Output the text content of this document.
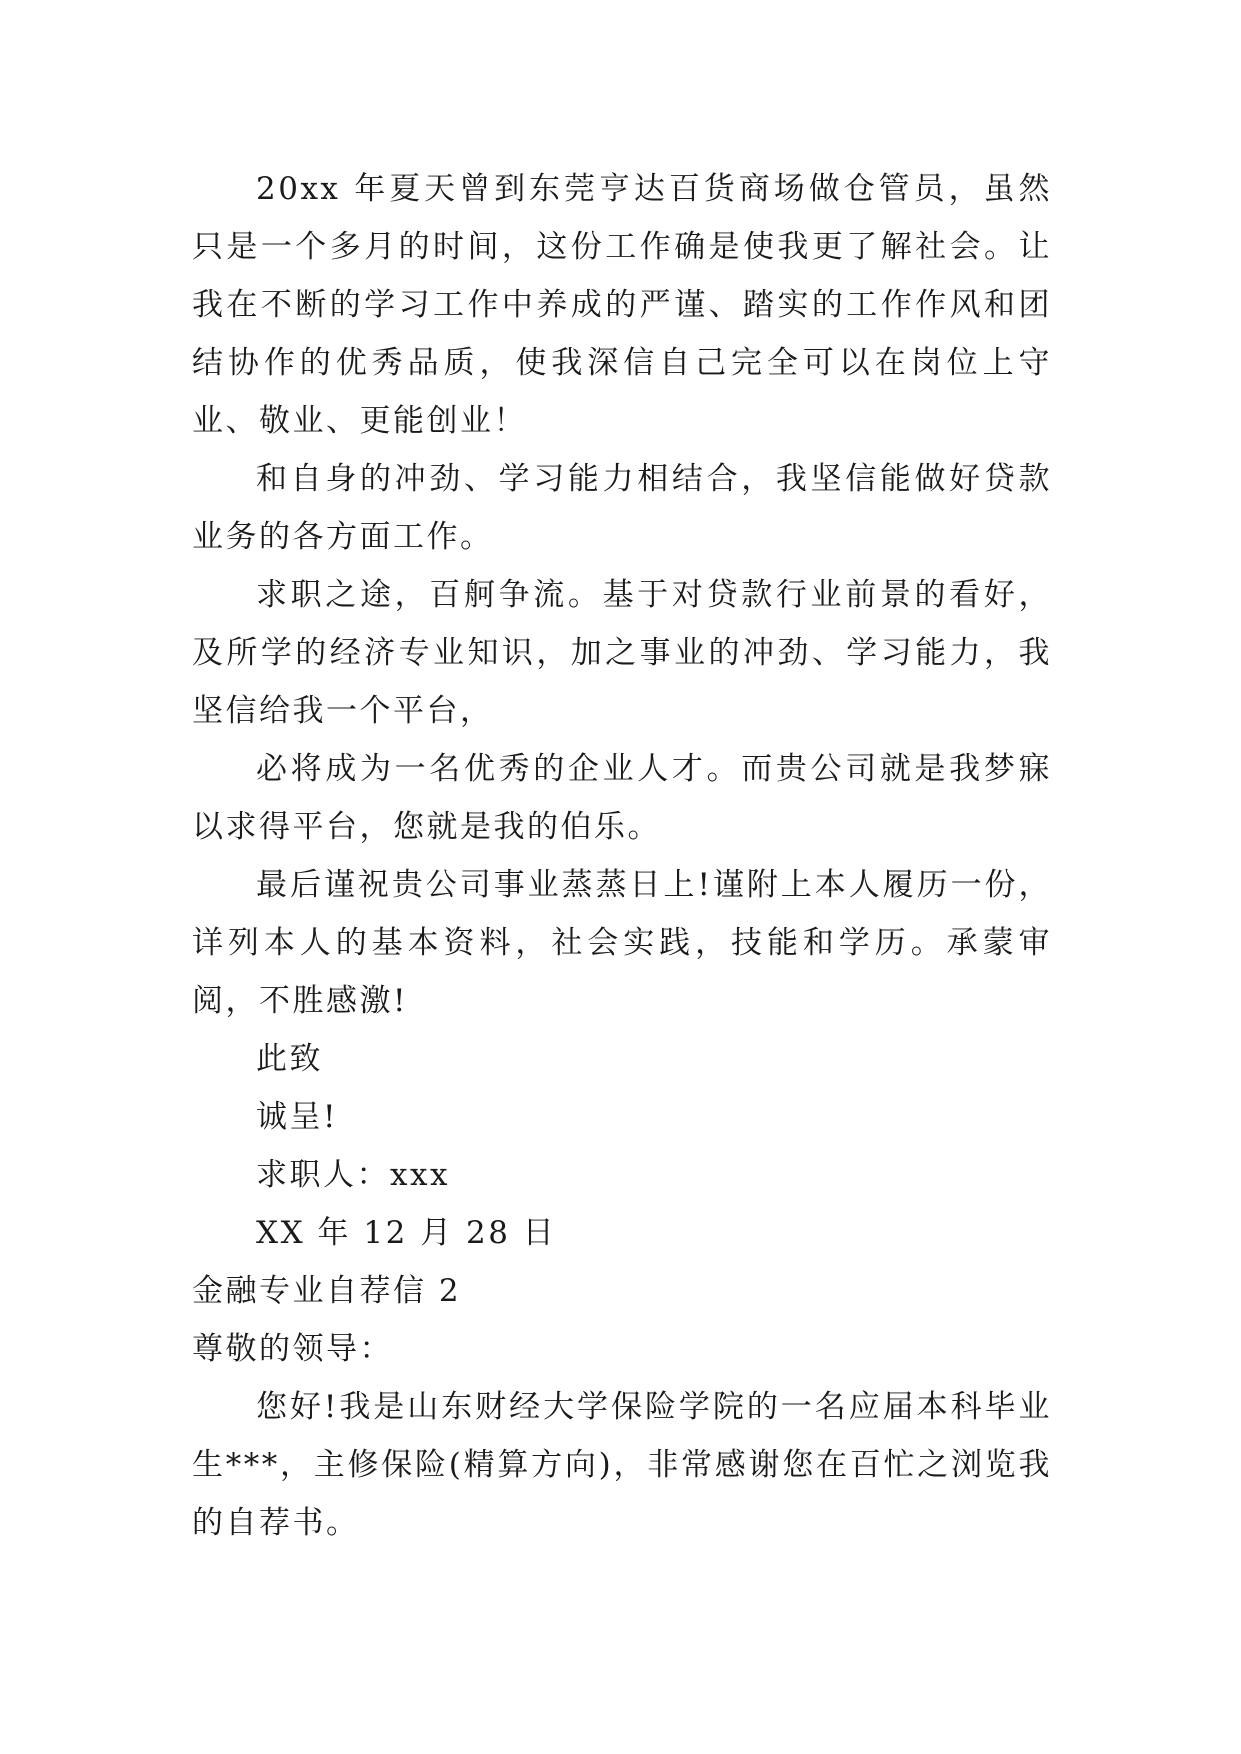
20xx 年夏天曾到东莞亨达百货商场做仓管员，虽然只是一个多月的时间，这份工作确是使我更了解社会。让我在不断的学习工作中养成的严谨、踏实的工作作风和团结协作的优秀品质，使我深信自己完全可以在岗位上守业、敬业、更能创业！

和自身的冲劲、学习能力相结合，我坚信能做好贷款业务的各方面工作。

求职之途，百舸争流。基于对贷款行业前景的看好，及所学的经济专业知识，加之事业的冲劲、学习能力，我坚信给我一个平台，

必将成为一名优秀的企业人才。而贵公司就是我梦寐以求得平台，您就是我的伯乐。

最后谨祝贵公司事业蒸蒸日上!谨附上本人履历一份，详列本人的基本资料，社会实践，技能和学历。承蒙审阅，不胜感激!

此致

诚呈!

求职人：xxx

XX 年 12 月 28 日

金融专业自荐信 2

尊敬的领导：

您好!我是山东财经大学保险学院的一名应届本科毕业生***，主修保险(精算方向)，非常感谢您在百忙之浏览我的自荐书。
